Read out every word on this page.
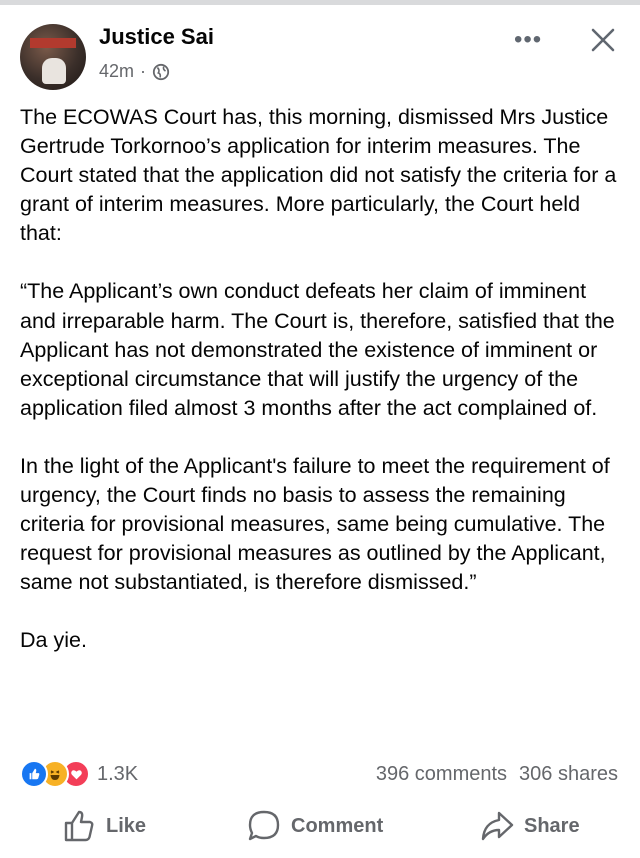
Justice Sai
42m ·
•••

The ECOWAS Court has, this morning, dismissed Mrs Justice Gertrude Torkornoo’s application for interim measures. The Court stated that the application did not satisfy the criteria for a grant of interim measures. More particularly, the Court held that:

“The Applicant’s own conduct defeats her claim of imminent and irreparable harm. The Court is, therefore, satisfied that the Applicant has not demonstrated the existence of imminent or exceptional circumstance that will justify the urgency of the application filed almost 3 months after the act complained of.

In the light of the Applicant's failure to meet the requirement of urgency, the Court finds no basis to assess the remaining criteria for provisional measures, same being cumulative. The request for provisional measures as outlined by the Applicant, same not substantiated, is therefore dismissed.”

Da yie.

1.3K	396 comments 306 shares
Like	Comment	Share
